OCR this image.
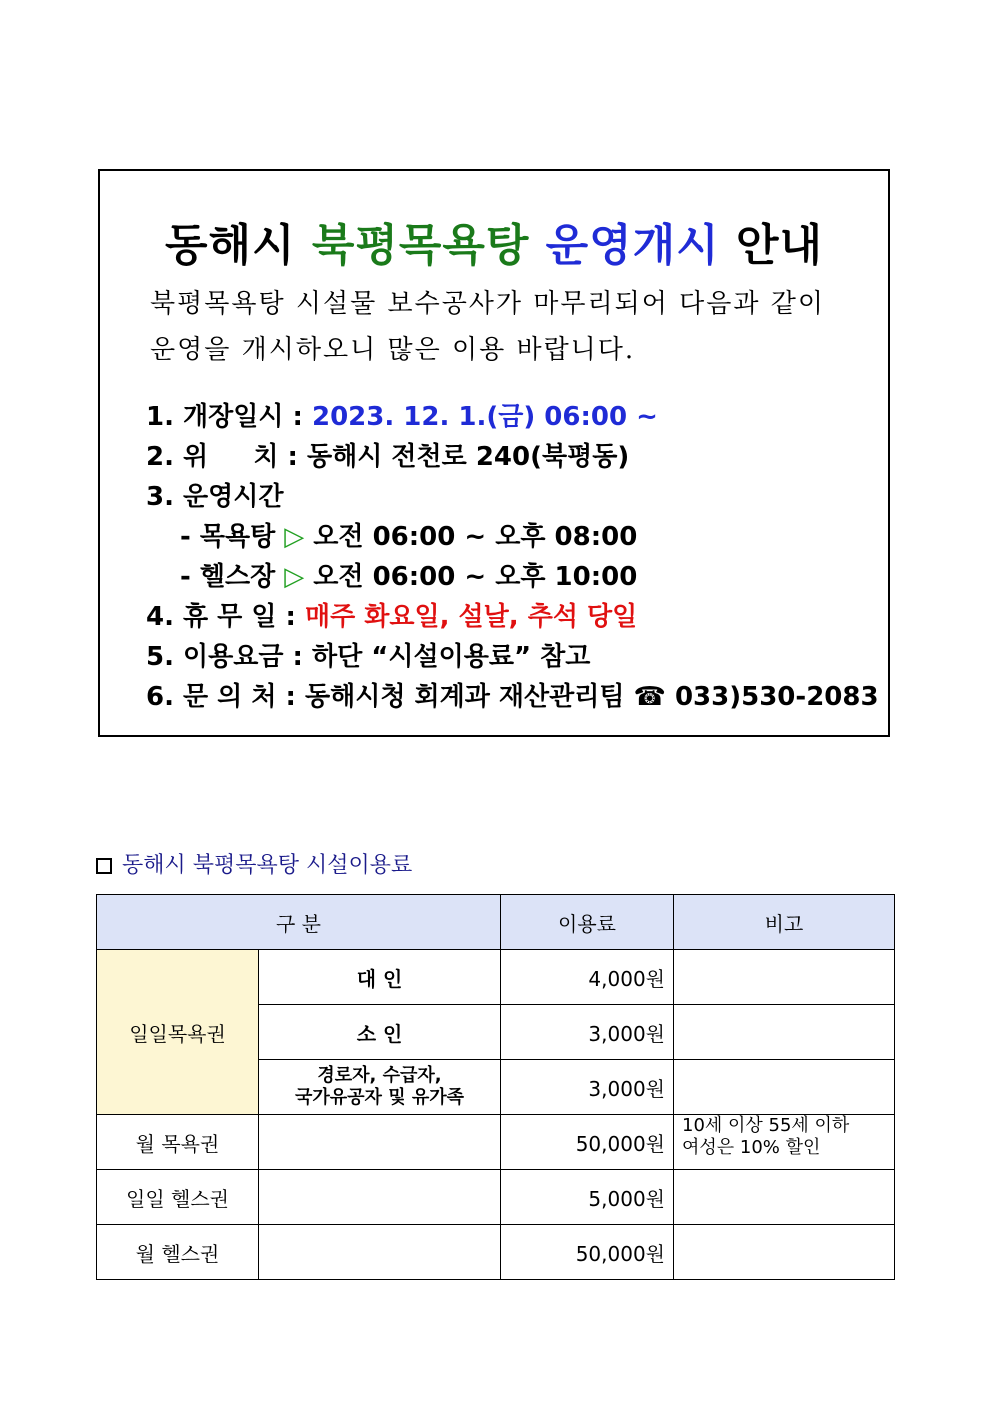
동해시 북평목욕탕 운영개시 안내
북평목욕탕 시설물 보수공사가 마무리되어 다음과 같이
운영을 개시하오니 많은 이용 바랍니다.
1. 개장일시 : 2023. 12. 1.(금) 06:00 ~
2. 위     치 : 동해시 전천로 240(북평동)
3. 운영시간
- 목욕탕 ▷ 오전 06:00 ~ 오후 08:00
- 헬스장 ▷ 오전 06:00 ~ 오후 10:00
4. 휴 무 일 : 매주 화요일, 설날, 추석 당일
5. 이용요금 : 하단 “시설이용료” 참고
6. 문 의 처 : 동해시청 회계과 재산관리팀 ☎ 033)530-2083
동해시 북평목욕탕 시설이용료
구 분		이용료	비고
일일목욕권	대 인	4,000원	
	소 인	3,000원	

	경로자, 수급자,
국가유공자 및 유가족	3,000원	
월 목욕권		50,000원	10세 이상 55세 이하
여성은 10% 할인

일일 헬스권		5,000원	
월 헬스권		50,000원	
